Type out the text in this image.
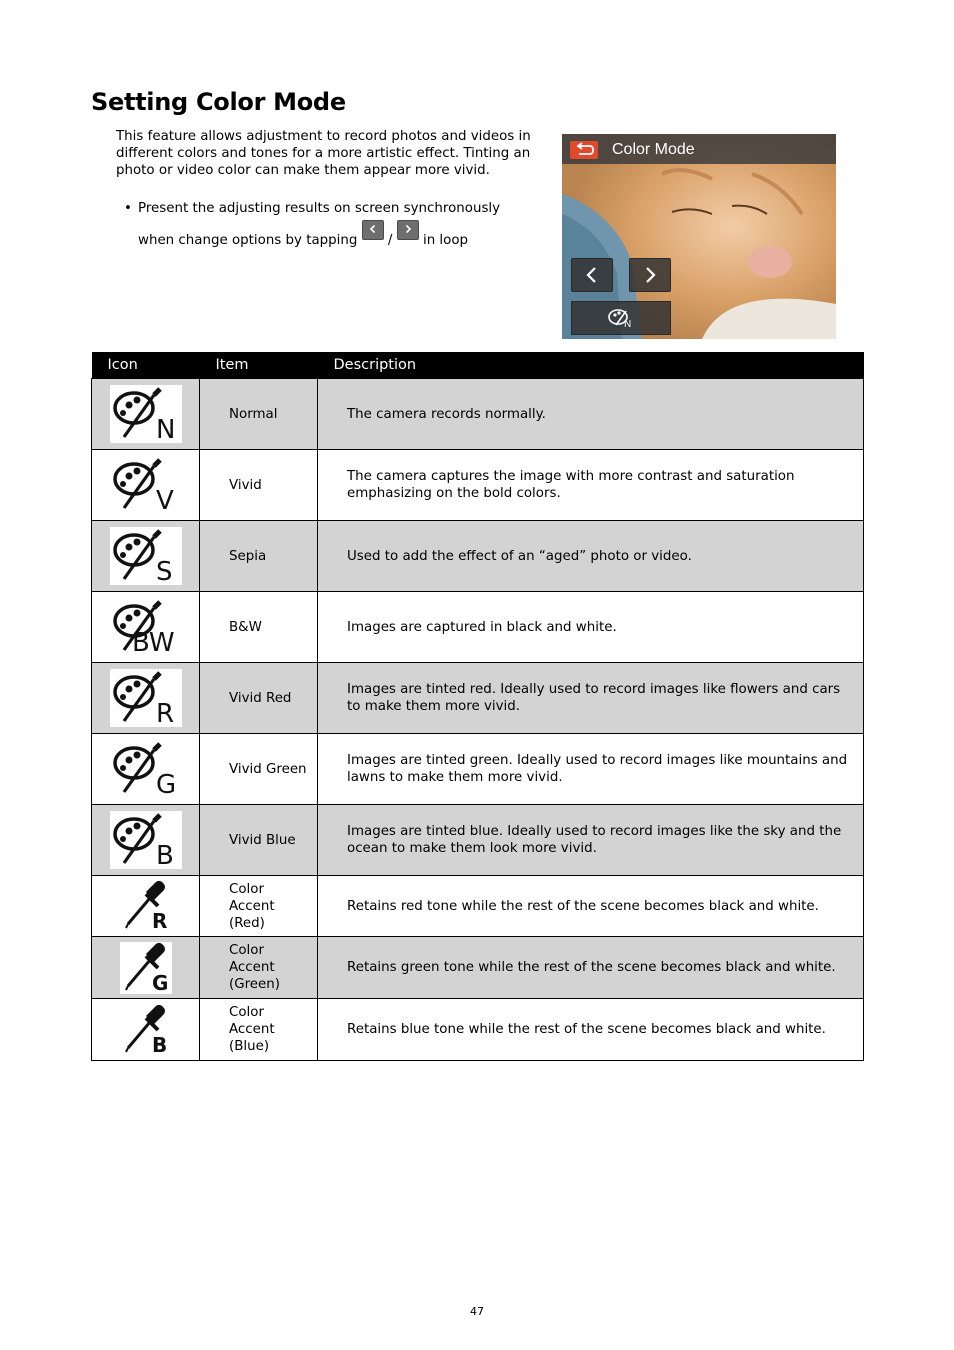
Setting Color Mode
This feature allows adjustment to record photos and videos in different colors and tones for a more artistic effect. Tinting an photo or video color can make them appear more vivid.
• Present the adjusting results on screen synchronously when change options by tapping / in loop
Color Mode
N
Icon	Item	Description

N	Normal	The camera records normally.

V	Vivid	The camera captures the image with more contrast and saturation emphasizing on the bold colors.

S	Sepia	Used to add the effect of an “aged” photo or video.

BW	B&W	Images are captured in black and white.

R	Vivid Red	Images are tinted red. Ideally used to record images like flowers and cars to make them more vivid.

G	Vivid Green	Images are tinted green. Ideally used to record images like mountains and lawns to make them more vivid.

B	Vivid Blue	Images are tinted blue. Ideally used to record images like the sky and the ocean to make them look more vivid.

R	Color Accent (Red)	Retains red tone while the rest of the scene becomes black and white.

G	Color Accent (Green)	Retains green tone while the rest of the scene becomes black and white.

B	Color Accent (Blue)	Retains blue tone while the rest of the scene becomes black and white.
47
